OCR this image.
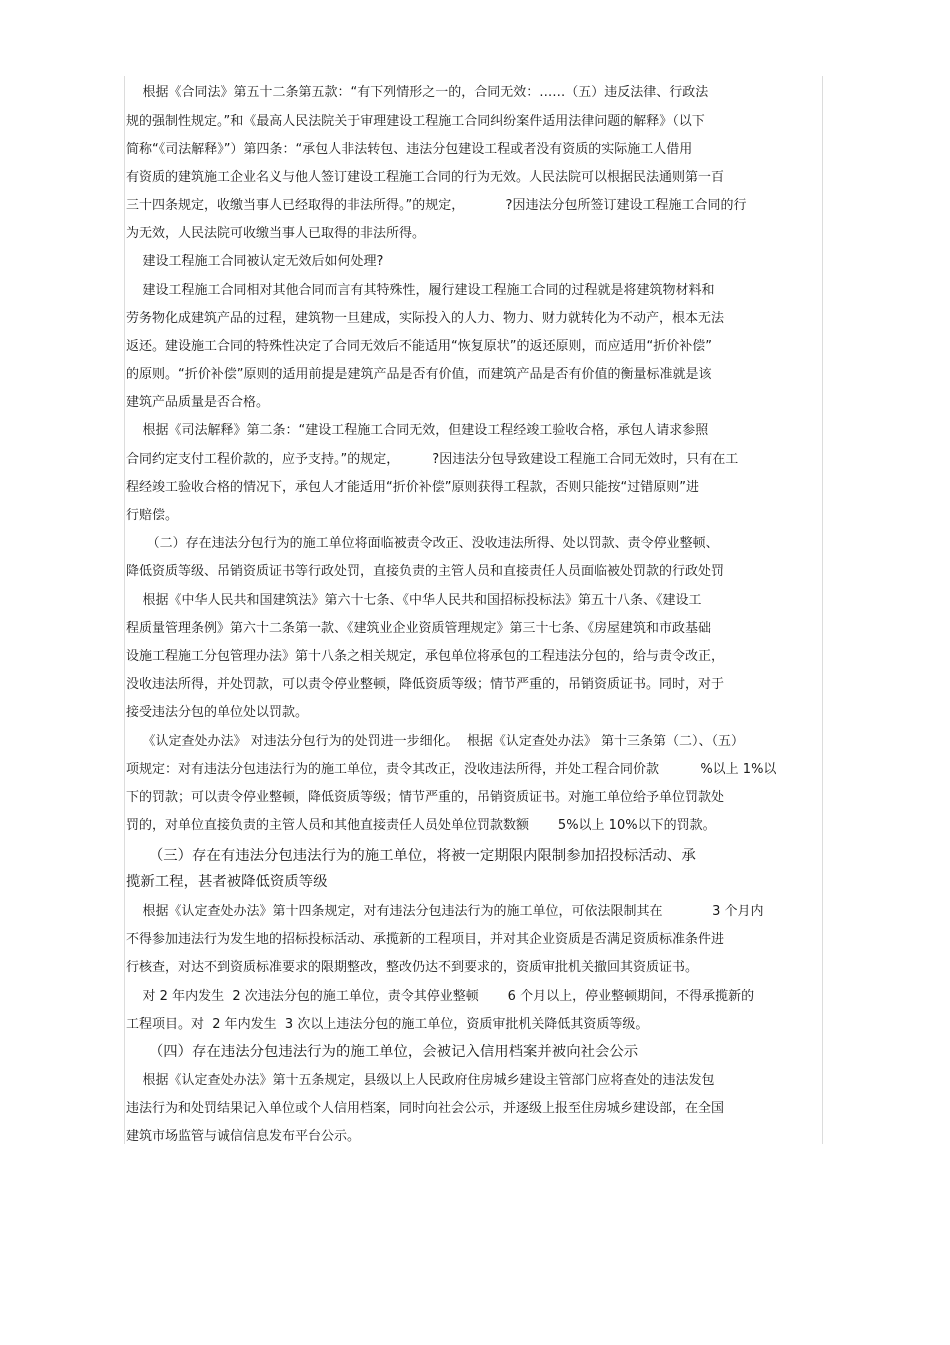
根据《合同法》第五十二条第五款：“有下列情形之一的，合同无效：……（五）违反法律、行政法
规的强制性规定。”和《最高人民法院关于审理建设工程施工合同纠纷案件适用法律问题的解释》（以下
简称“《司法解释》”）第四条：“承包人非法转包、违法分包建设工程或者没有资质的实际施工人借用
有资质的建筑施工企业名义与他人签订建设工程施工合同的行为无效。人民法院可以根据民法通则第一百
三十四条规定，收缴当事人已经取得的非法所得。”的规定，          ?因违法分包所签订建设工程施工合同的行
为无效，人民法院可收缴当事人已取得的非法所得。
建设工程施工合同被认定无效后如何处理?
建设工程施工合同相对其他合同而言有其特殊性，履行建设工程施工合同的过程就是将建筑物材料和
劳务物化成建筑产品的过程，建筑物一旦建成，实际投入的人力、物力、财力就转化为不动产，根本无法
返还。建设施工合同的特殊性决定了合同无效后不能适用“恢复原状”的返还原则，而应适用“折价补偿”
的原则。“折价补偿”原则的适用前提是建筑产品是否有价值，而建筑产品是否有价值的衡量标准就是该
建筑产品质量是否合格。
根据《司法解释》第二条：“建设工程施工合同无效，但建设工程经竣工验收合格，承包人请求参照
合同约定支付工程价款的，应予支持。”的规定，        ?因违法分包导致建设工程施工合同无效时，只有在工
程经竣工验收合格的情况下，承包人才能适用“折价补偿”原则获得工程款，否则只能按“过错原则”进
行赔偿。
（二）存在违法分包行为的施工单位将面临被责令改正、没收违法所得、处以罚款、责令停业整顿、
降低资质等级、吊销资质证书等行政处罚，直接负责的主管人员和直接责任人员面临被处罚款的行政处罚
根据《中华人民共和国建筑法》第六十七条、《中华人民共和国招标投标法》第五十八条、《建设工
程质量管理条例》第六十二条第一款、《建筑业企业资质管理规定》第三十七条、《房屋建筑和市政基础
设施工程施工分包管理办法》第十八条之相关规定，承包单位将承包的工程违法分包的，给与责令改正，
没收违法所得，并处罚款，可以责令停业整顿，降低资质等级；情节严重的，吊销资质证书。同时，对于
接受违法分包的单位处以罚款。
《认定查处办法》 对违法分包行为的处罚进一步细化。  根据《认定查处办法》 第十三条第（二）、（五）
项规定：对有违法分包违法行为的施工单位，责令其改正，没收违法所得，并处工程合同价款          %以上 1%以
下的罚款；可以责令停业整顿，降低资质等级；情节严重的，吊销资质证书。对施工单位给予单位罚款处
罚的，对单位直接负责的主管人员和其他直接责任人员处单位罚款数额       5%以上 10%以下的罚款。
（三）存在有违法分包违法行为的施工单位，将被一定期限内限制参加招投标活动、承
揽新工程，甚者被降低资质等级
根据《认定查处办法》第十四条规定，对有违法分包违法行为的施工单位，可依法限制其在            3 个月内
不得参加违法行为发生地的招标投标活动、承揽新的工程项目，并对其企业资质是否满足资质标准条件进
行核查，对达不到资质标准要求的限期整改，整改仍达不到要求的，资质审批机关撤回其资质证书。
对 2 年内发生  2 次违法分包的施工单位，责令其停业整顿       6 个月以上，停业整顿期间，不得承揽新的
工程项目。对  2 年内发生  3 次以上违法分包的施工单位，资质审批机关降低其资质等级。
（四）存在违法分包违法行为的施工单位，会被记入信用档案并被向社会公示
根据《认定查处办法》第十五条规定，县级以上人民政府住房城乡建设主管部门应将查处的违法发包
违法行为和处罚结果记入单位或个人信用档案，同时向社会公示，并逐级上报至住房城乡建设部，在全国
建筑市场监管与诚信信息发布平台公示。
